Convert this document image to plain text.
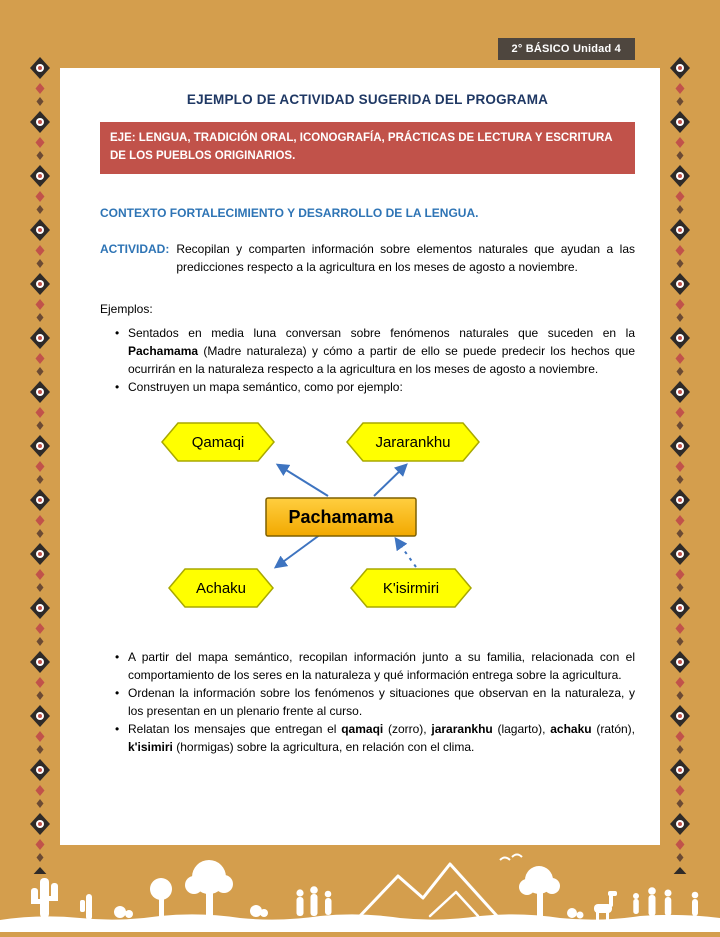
2° BÁSICO Unidad 4
EJEMPLO DE ACTIVIDAD SUGERIDA DEL PROGRAMA
EJE: LENGUA, TRADICIÓN ORAL, ICONOGRAFÍA, PRÁCTICAS DE LECTURA Y ESCRITURA DE LOS PUEBLOS ORIGINARIOS.
CONTEXTO FORTALECIMIENTO Y DESARROLLO DE LA LENGUA.
ACTIVIDAD: Recopilan y comparten información sobre elementos naturales que ayudan a las predicciones respecto a la agricultura en los meses de agosto a noviembre.

Ejemplos:
•

Sentados en media luna conversan sobre fenómenos naturales que suceden en la Pachamama (Madre naturaleza) y cómo a partir de ello se puede predecir los hechos que ocurrirán en la naturaleza respecto a la agricultura en los meses de agosto a noviembre.

•

Construyen un mapa semántico, como por ejemplo:

Qamaqi	Jararankhu
Pachamama
Achaku	K'isirmiri
•

A partir del mapa semántico, recopilan información junto a su familia, relacionada con el comportamiento de los seres en la naturaleza y qué información entrega sobre la agricultura.

•

Ordenan la información sobre los fenómenos y situaciones que observan en la naturaleza, y los presentan en un plenario frente al curso.

•

Relatan los mensajes que entregan el qamaqi (zorro), jararankhu (lagarto), achaku (ratón), k'isimiri (hormigas) sobre la agricultura, en relación con el clima.
